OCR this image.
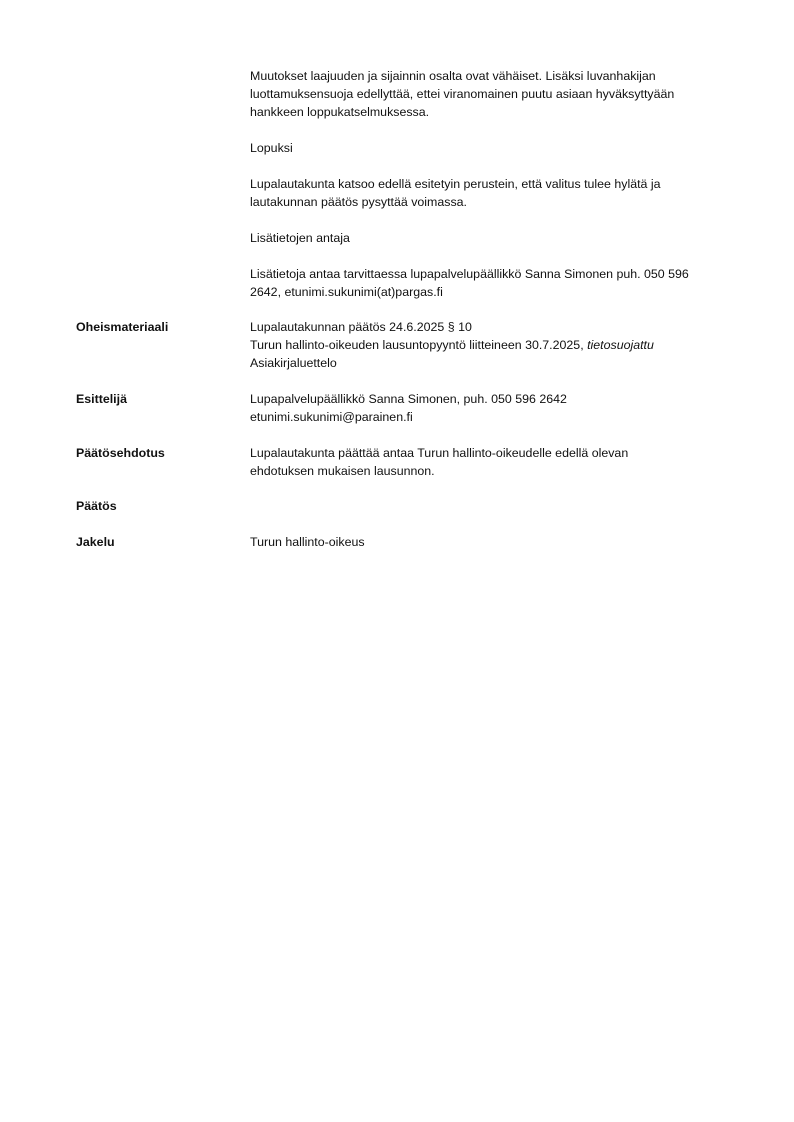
Muutokset laajuuden ja sijainnin osalta ovat vähäiset. Lisäksi luvanhakijan
luottamuksensuoja edellyttää, ettei viranomainen puutu asiaan hyväksyttyään
hankkeen loppukatselmuksessa.
Lopuksi
Lupalautakunta katsoo edellä esitetyin perustein, että valitus tulee hylätä ja
lautakunnan päätös pysyttää voimassa.
Lisätietojen antaja
Lisätietoja antaa tarvittaessa lupapalvelupäällikkö Sanna Simonen puh. 050 596
2642, etunimi.sukunimi(at)pargas.fi
Oheismateriaali	Lupalautakunnan päätös 24.6.2025 § 10
Turun hallinto-oikeuden lausuntopyyntö liitteineen 30.7.2025, tietosuojattu
Asiakirjaluettelo
Esittelijä	Lupapalvelupäällikkö Sanna Simonen, puh. 050 596 2642
etunimi.sukunimi@parainen.fi
Päätösehdotus	Lupalautakunta päättää antaa Turun hallinto-oikeudelle edellä olevan
ehdotuksen mukaisen lausunnon.
Päätös
Jakelu	Turun hallinto-oikeus
